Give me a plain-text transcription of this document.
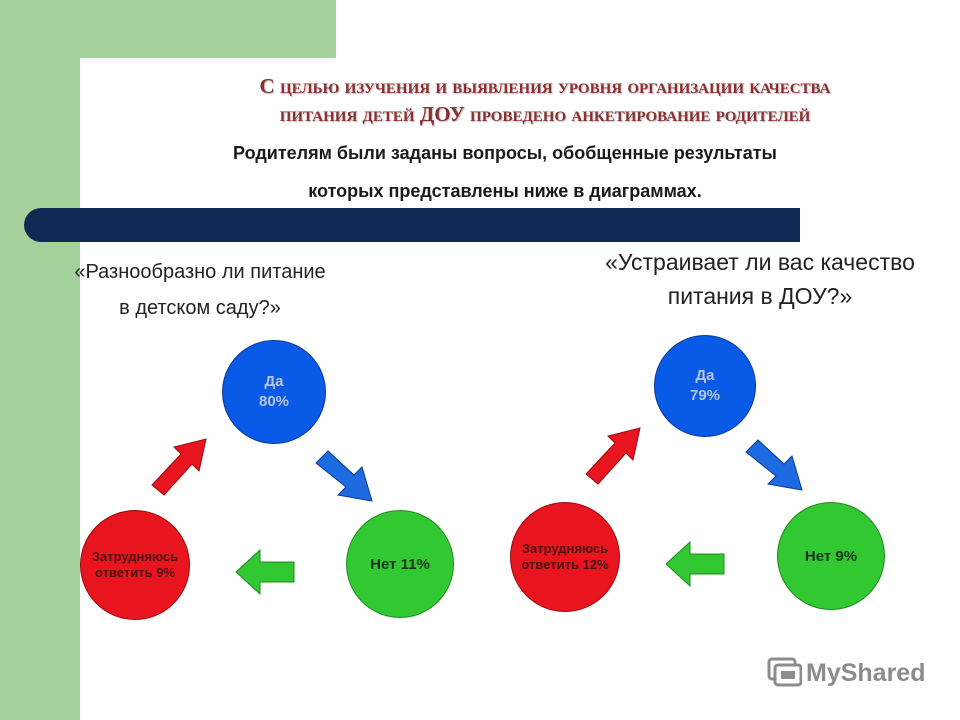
С целью изучения и выявления уровня организации качества
питания детей ДОУ проведено анкетирование родителей
Родителям были заданы вопросы, обобщенные результаты
которых представлены ниже в диаграммах.
«Разнообразно ли питание
в детском саду?»
Да
80%
Нет 11%
Затрудняюсь
ответить 9%
«Устраивает ли вас качество
питания в ДОУ?»
Да
79%
Нет 9%
Затрудняюсь
ответить 12%
MyShared
